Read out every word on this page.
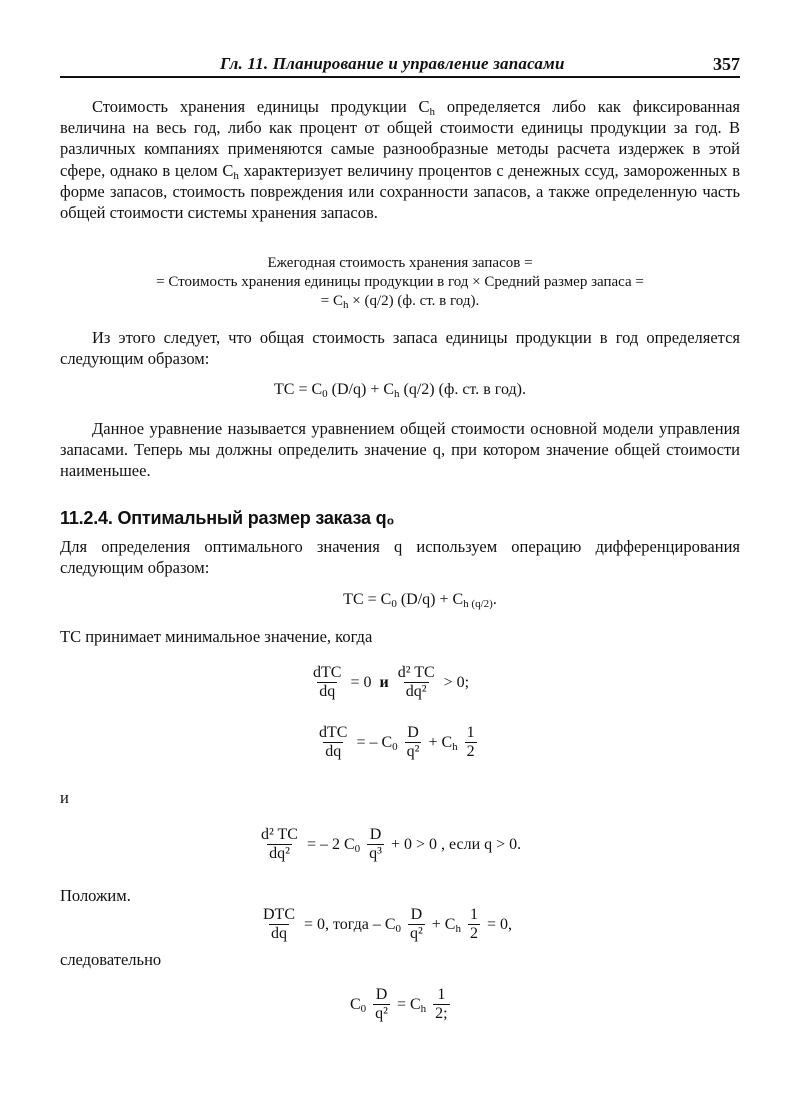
Гл. 11. Планирование и управление запасами	357

Стоимость хранения единицы продукции $C_h$ определяется либо как фиксированная величина на весь год, либо как процент от общей стоимости единицы продукции за год. В различных компаниях применяются самые разнообразные методы расчета издержек в этой сфере, однако в целом $C_h$ характеризует величину процентов с денежных ссуд, замороженных в форме запасов, стоимость повреждения или сохранности запасов, а также определенную часть общей стоимости системы хранения запасов.

Ежегодная стоимость хранения запасов =
= Стоимость хранения единицы продукции в год × Средний размер запаса =
= $C_h \times (q/2)$ (ф. ст. в год).

Из этого следует, что общая стоимость запаса единицы продукции в год определяется следующим образом:

TC = $C_0$ $(D/q) + C_h$ (q/2) (ф. ст. в год).

Данное уравнение называется уравнением общей стоимости основной модели управления запасами. Теперь мы должны определить значение q, при котором значение общей стоимости наименьшее.

11.2.4. Оптимальный размер заказа q₀

Для определения оптимального значения q используем операцию дифференцирования следующим образом:

TC = $C_0$ $(D/q) + C_{h (q/2)}$.
TC принимает минимальное значение, когда
$\frac{\text{dTC}}{dq} = 0$ и $\frac{\text{d² TC}}{\text{dq²}} > 0$;
$\frac{\text{dTC}}{dq}$ = – $C_0 \frac{D}{\text{q²}} + C_h \frac{1}{2}$
и
$\frac{\text{d² TC}}{\text{dq²}}$ = – 2 $C_0 \frac{D}{\text{q³}} + 0 > 0$ , если q > 0.
Положим.
$\frac{\text{DTC}}{dq} = 0$, тогда – $C_0 \frac{D}{\text{q²}} + C_h \frac{1}{2} = 0$,
следовательно
$C_0 \frac{D}{\text{q²}} = C_h \frac{1}{2;}$
